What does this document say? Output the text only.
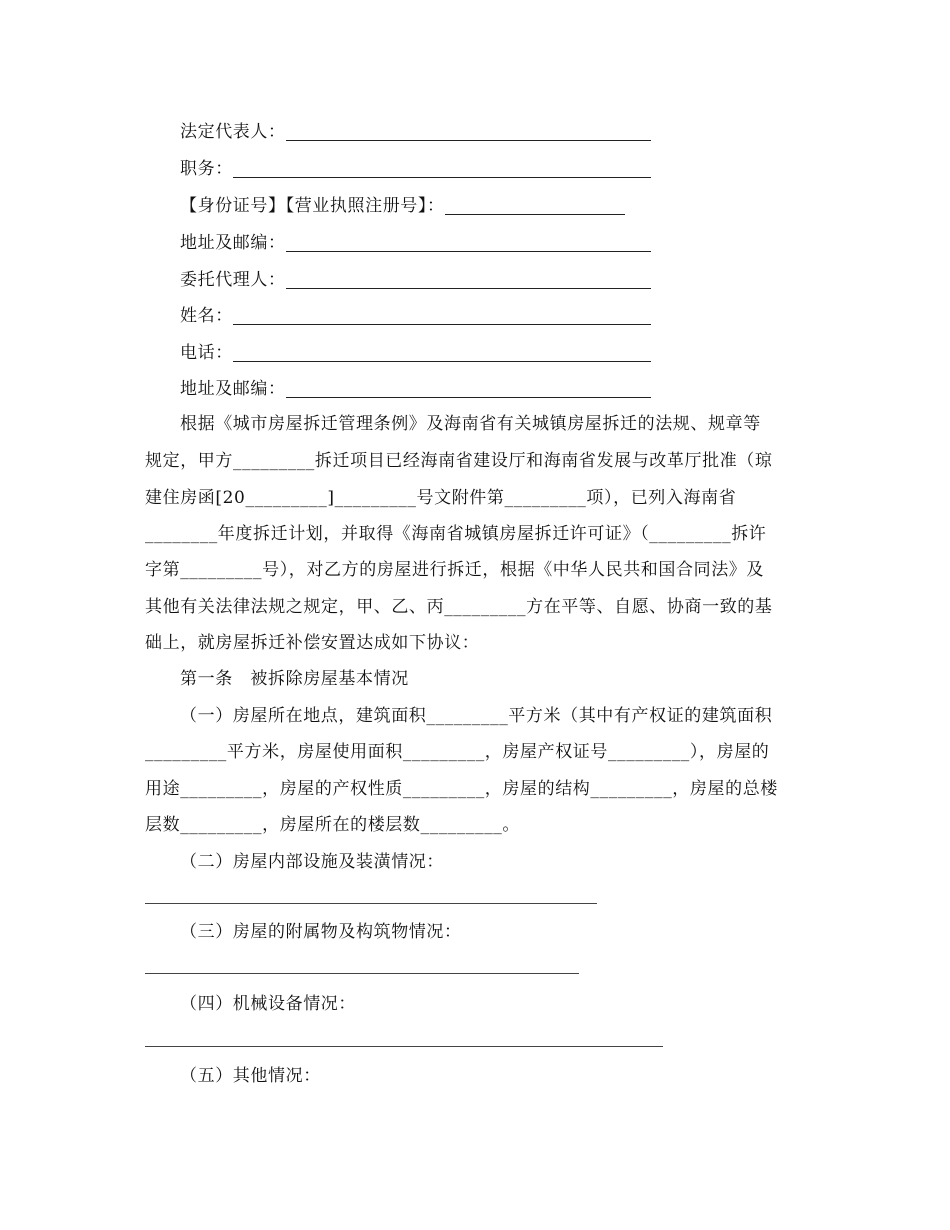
法定代表人：
职务：
【身份证号】【营业执照注册号】：
地址及邮编：
委托代理人：
姓名：
电话：
地址及邮编：
根据《城市房屋拆迁管理条例》及海南省有关城镇房屋拆迁的法规、规章等
规定，甲方_________拆迁项目已经海南省建设厅和海南省发展与改革厅批准（琼
建住房函[20_________]_________号文附件第_________项），已列入海南省
________年度拆迁计划，并取得《海南省城镇房屋拆迁许可证》（_________拆许
字第_________号），对乙方的房屋进行拆迁，根据《中华人民共和国合同法》及
其他有关法律法规之规定，甲、乙、丙_________方在平等、自愿、协商一致的基
础上，就房屋拆迁补偿安置达成如下协议：
第一条　被拆除房屋基本情况
（一）房屋所在地点，建筑面积_________平方米（其中有产权证的建筑面积
_________平方米，房屋使用面积_________，房屋产权证号_________），房屋的
用途_________，房屋的产权性质_________，房屋的结构_________，房屋的总楼
层数_________，房屋所在的楼层数_________。
（二）房屋内部设施及装潢情况：
（三）房屋的附属物及构筑物情况：
（四）机械设备情况：
（五）其他情况：
